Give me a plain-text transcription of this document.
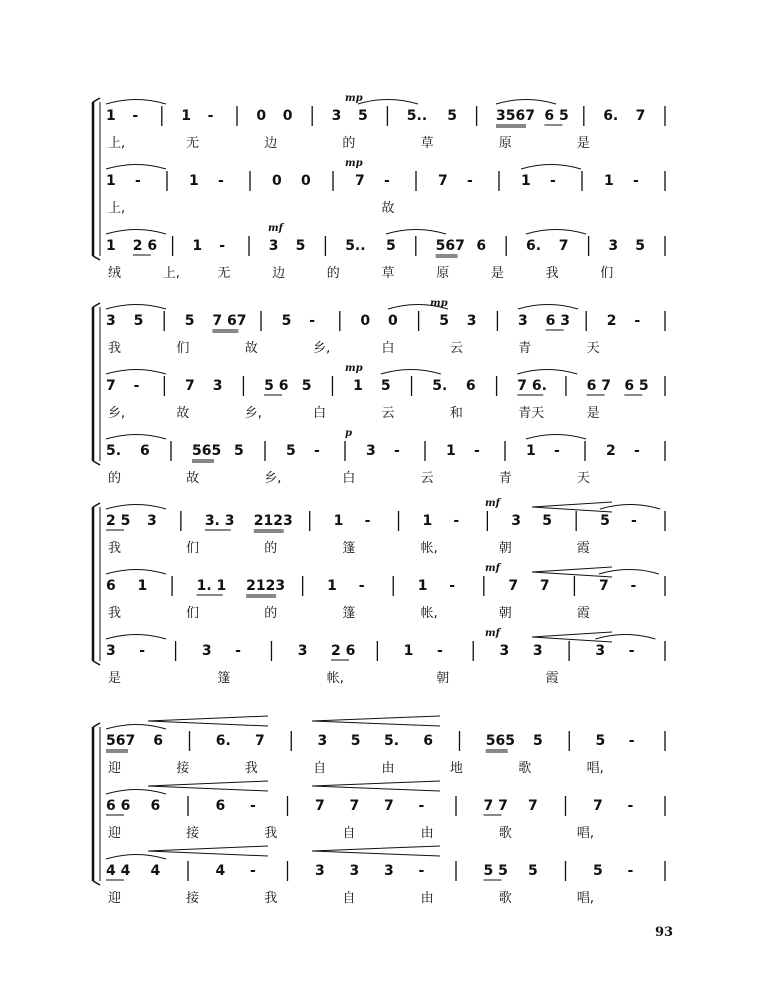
1 -	1 -	0 0	3 5	5.. 5	3567 6 5 6. 7
上,	无	边	的	草	原	是
mp
1 -	1 -	0 0	7 -	7 -	1 -	1 -
上,	故
mp
1 2 6	1 -	3 5	5.. 5	567 6	6. 7	3 5
绒	上,	无	边	的	草	原	是	我	们
mf
3 5	5 7 67	5 -	0 0	5 3	3 6 3	2 -
我	们	故	乡,	白	云	青	天
mp
7 -	7 3	5 6 5	1 5	5. 6	7 6.	6 7 6 5
乡,	故	乡,	白	云	和	青天	是
mp
5. 6	565 5	5 -	3 -	1 -	1 -	2 -
的	故	乡,	白	云	青	天
p
2 5 3	3. 3 2123	1 -	1 -	3 5	5 -
我	们	的	篷	帐,	朝	霞
mf
6 1	1. 1 2123	1 -	1 -	7 7	7 -
我	们	的	篷	帐,	朝	霞
mf
3 -	3 -	3 2 6	1 -	3 3	3 -
是	篷	帐,	朝	霞
mf
567 6	6. 7	3 5 5. 6	565 5	5 -
迎	接	我	自	由	地	歌	唱,
6 6 6	6 -	7 7 7 -	7 7 7	7 -
迎	接	我	自	由	歌	唱,
4 4 4	4 -	3 3 3 -	5 5 5	5 -
迎	接	我	自	由	歌	唱,
93
